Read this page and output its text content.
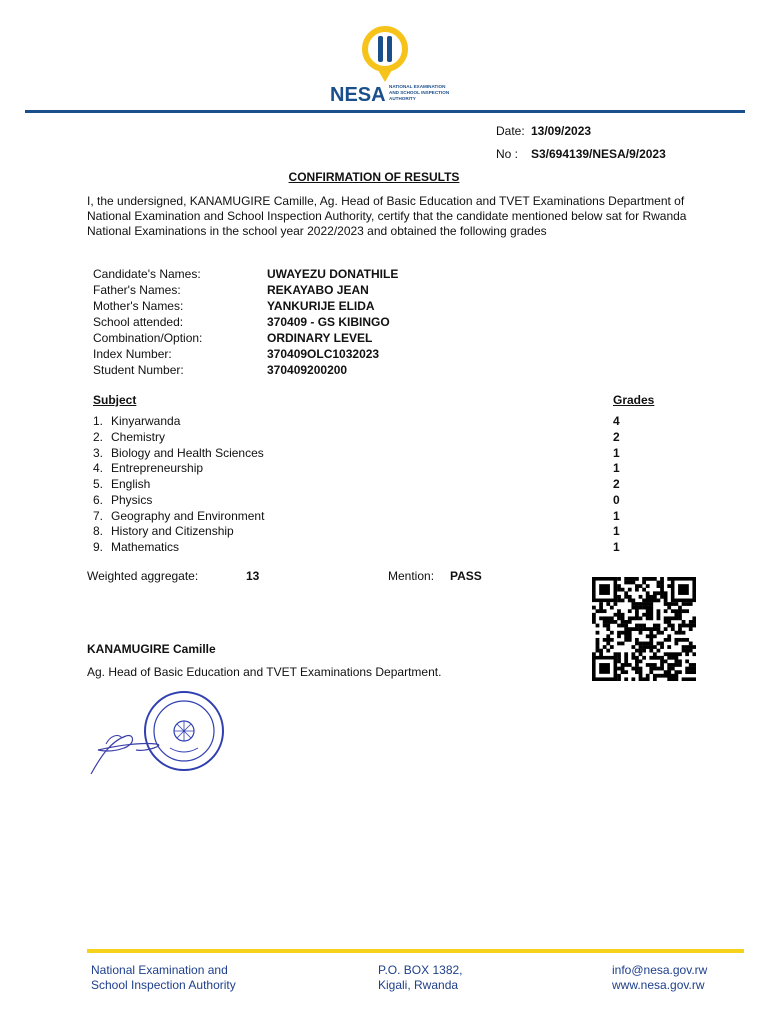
NESA NATIONAL EXAMINATION
AND SCHOOL INSPECTION
AUTHORITY
Date: 13/09/2023
No : S3/694139/NESA/9/2023
CONFIRMATION OF RESULTS
I, the undersigned, KANAMUGIRE Camille, Ag. Head of Basic Education and TVET Examinations Department of National Examination and School Inspection Authority, certify that the candidate mentioned below sat for Rwanda National Examinations in the school year 2022/2023 and obtained the following grades
Candidate's Names:	UWAYEZU DONATHILE
Father's Names:	REKAYABO JEAN
Mother's Names:	YANKURIJE ELIDA
School attended:	370409 - GS KIBINGO
Combination/Option:	ORDINARY LEVEL
Index Number:	370409OLC1032023
Student Number:	370409200200
Subject	Grades
1. Kinyarwanda	4
2. Chemistry	2
3. Biology and Health Sciences	1
4. Entrepreneurship	1
5. English	2
6. Physics	0
7. Geography and Environment	1
8. History and Citizenship	1
9. Mathematics	1
Weighted aggregate:	13	Mention: PASS
KANAMUGIRE Camille
Ag. Head of Basic Education and TVET Examinations Department.
National Examination and
School Inspection Authority
P.O. BOX 1382,
Kigali, Rwanda
info@nesa.gov.rw
www.nesa.gov.rw
